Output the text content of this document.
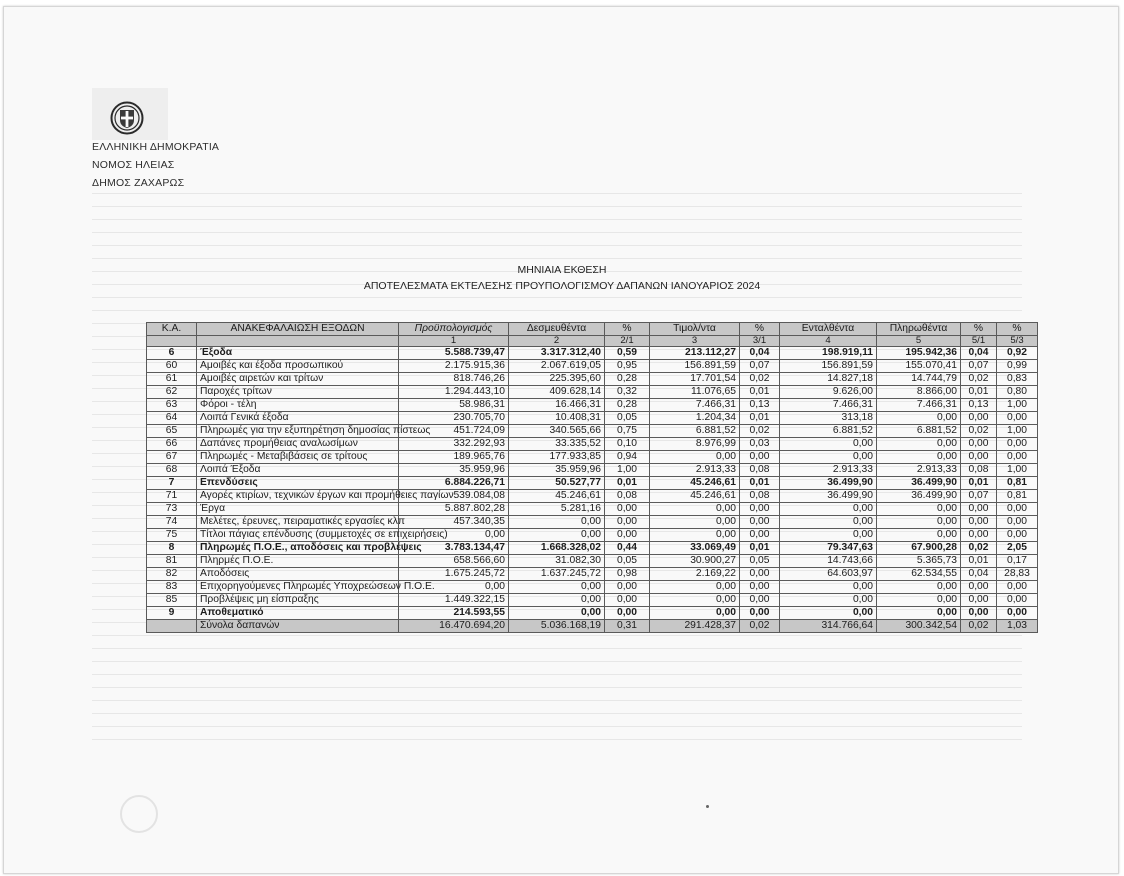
ΕΛΛΗΝΙΚΗ ΔΗΜΟΚΡΑΤΙΑ
ΝΟΜΟΣ ΗΛΕΙΑΣ
ΔΗΜΟΣ ΖΑΧΑΡΩΣ
ΜΗΝΙΑΙΑ ΕΚΘΕΣΗ
ΑΠΟΤΕΛΕΣΜΑΤΑ ΕΚΤΕΛΕΣΗΣ ΠΡΟΥΠΟΛΟΓΙΣΜΟΥ ΔΑΠΑΝΩΝ ΙΑΝΟΥΑΡΙΟΣ 2024
Κ.Α.	ΑΝΑΚΕΦΑΛΑΙΩΣΗ ΕΞΟΔΩΝ	Προϋπολογισμός	Δεσμευθέντα	%	Τιμολ/ντα	%	Ενταλθέντα	Πληρωθέντα	%	%
		1	2	2/1	3	3/1	4	5	5/1	5/3
6	Έξοδα	5.588.739,47	3.317.312,40	0,59	213.112,27	0,04	198.919,11	195.942,36	0,04	0,92
60	Αμοιβές και έξοδα προσωπικού	2.175.915,36	2.067.619,05	0,95	156.891,59	0,07	156.891,59	155.070,41	0,07	0,99
61	Αμοιβές αιρετών και τρίτων	818.746,26	225.395,60	0,28	17.701,54	0,02	14.827,18	14.744,79	0,02	0,83
62	Παροχές τρίτων	1.294.443,10	409.628,14	0,32	11.076,65	0,01	9.626,00	8.866,00	0,01	0,80
63	Φόροι - τέλη	58.986,31	16.466,31	0,28	7.466,31	0,13	7.466,31	7.466,31	0,13	1,00
64	Λοιπά Γενικά έξοδα	230.705,70	10.408,31	0,05	1.204,34	0,01	313,18	0,00	0,00	0,00
65	Πληρωμές για την εξυπηρέτηση δημοσίας πίστεως	451.724,09	340.565,66	0,75	6.881,52	0,02	6.881,52	6.881,52	0,02	1,00
66	Δαπάνες προμήθειας αναλωσίμων	332.292,93	33.335,52	0,10	8.976,99	0,03	0,00	0,00	0,00	0,00
67	Πληρωμές - Μεταβιβάσεις σε τρίτους	189.965,76	177.933,85	0,94	0,00	0,00	0,00	0,00	0,00	0,00
68	Λοιπά Έξοδα	35.959,96	35.959,96	1,00	2.913,33	0,08	2.913,33	2.913,33	0,08	1,00
7	Επενδύσεις	6.884.226,71	50.527,77	0,01	45.246,61	0,01	36.499,90	36.499,90	0,01	0,81
71	Αγορές κτιρίων, τεχνικών έργων και προμήθειες παγίων	539.084,08	45.246,61	0,08	45.246,61	0,08	36.499,90	36.499,90	0,07	0,81
73	Έργα	5.887.802,28	5.281,16	0,00	0,00	0,00	0,00	0,00	0,00	0,00
74	Μελέτες, έρευνες, πειραματικές εργασίες κλπ	457.340,35	0,00	0,00	0,00	0,00	0,00	0,00	0,00	0,00
75	Τίτλοι πάγιας επένδυσης (συμμετοχές σε επιχειρήσεις)	0,00	0,00	0,00	0,00	0,00	0,00	0,00	0,00	0,00
8	Πληρωμές Π.Ο.Ε., αποδόσεις και προβλέψεις	3.783.134,47	1.668.328,02	0,44	33.069,49	0,01	79.347,63	67.900,28	0,02	2,05
81	Πληρμές Π.Ο.Ε.	658.566,60	31.082,30	0,05	30.900,27	0,05	14.743,66	5.365,73	0,01	0,17
82	Αποδόσεις	1.675.245,72	1.637.245,72	0,98	2.169,22	0,00	64.603,97	62.534,55	0,04	28,83
83	Επιχορηγούμενες Πληρωμές Υποχρεώσεων Π.Ο.Ε.	0,00	0,00	0,00	0,00	0,00	0,00	0,00	0,00	0,00
85	Προβλέψεις μη είσπραξης	1.449.322,15	0,00	0,00	0,00	0,00	0,00	0,00	0,00	0,00
9	Αποθεματικό	214.593,55	0,00	0,00	0,00	0,00	0,00	0,00	0,00	0,00
	Σύνολα δαπανών	16.470.694,20	5.036.168,19	0,31	291.428,37	0,02	314.766,64	300.342,54	0,02	1,03
